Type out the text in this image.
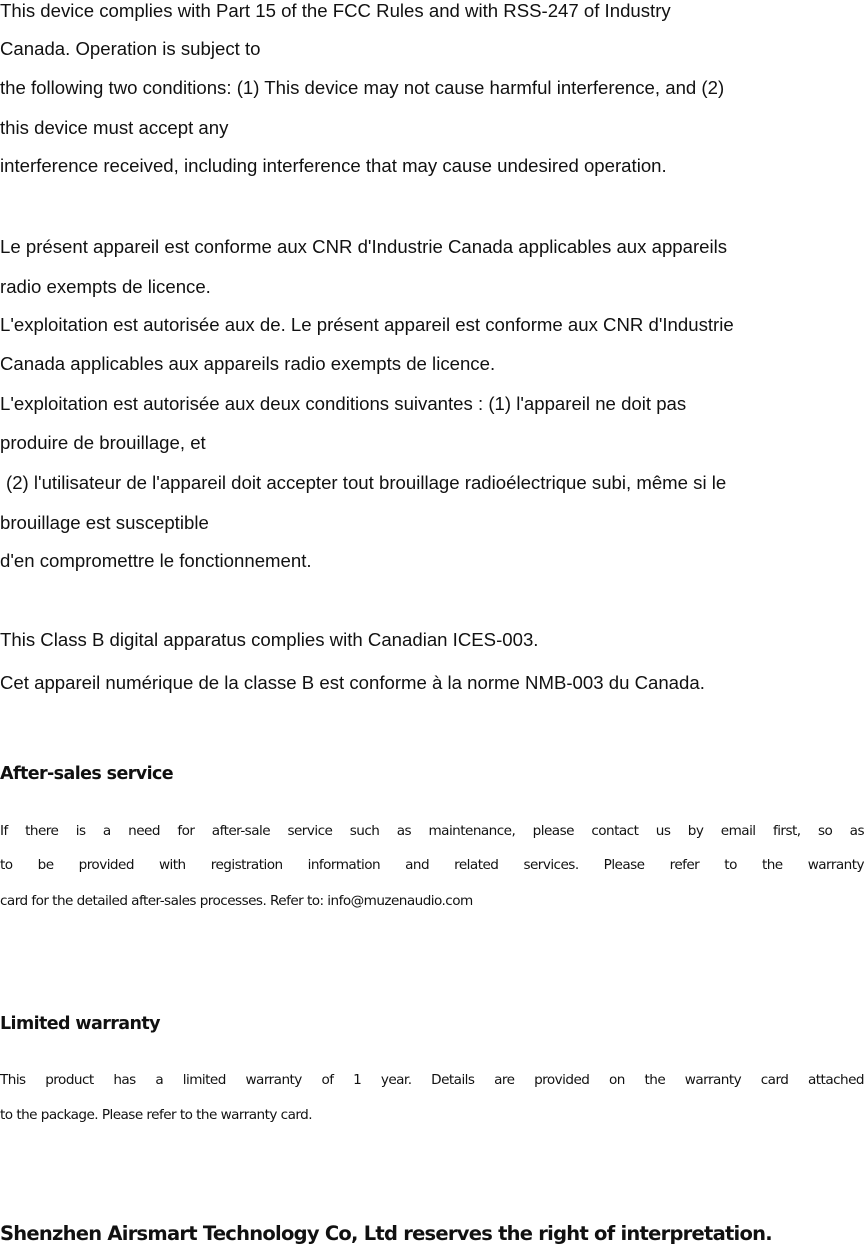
This device complies with Part 15 of the FCC Rules and with RSS-247 of Industry

Canada. Operation is subject to

the following two conditions: (1) This device may not cause harmful interference, and (2)

this device must accept any

interference received, including interference that may cause undesired operation.

Le présent appareil est conforme aux CNR d'Industrie Canada applicables aux appareils

radio exempts de licence.

L'exploitation est autorisée aux de. Le présent appareil est conforme aux CNR d'Industrie

Canada applicables aux appareils radio exempts de licence.

L'exploitation est autorisée aux deux conditions suivantes : (1) l'appareil ne doit pas

produire de brouillage, et

(2) l'utilisateur de l'appareil doit accepter tout brouillage radioélectrique subi, même si le

brouillage est susceptible

d'en compromettre le fonctionnement.

This Class B digital apparatus complies with Canadian ICES-003.

Cet appareil numérique de la classe B est conforme à la norme NMB-003 du Canada.

After-sales service

If there is a need for after-sale service such as maintenance, please contact us by email first, so as

to be provided with registration information and related services. Please refer to the warranty

card for the detailed after-sales processes. Refer to: info@muzenaudio.com

Limited warranty

This product has a limited warranty of 1 year. Details are provided on the warranty card attached

to the package. Please refer to the warranty card.

Shenzhen Airsmart Technology Co, Ltd reserves the right of interpretation.
